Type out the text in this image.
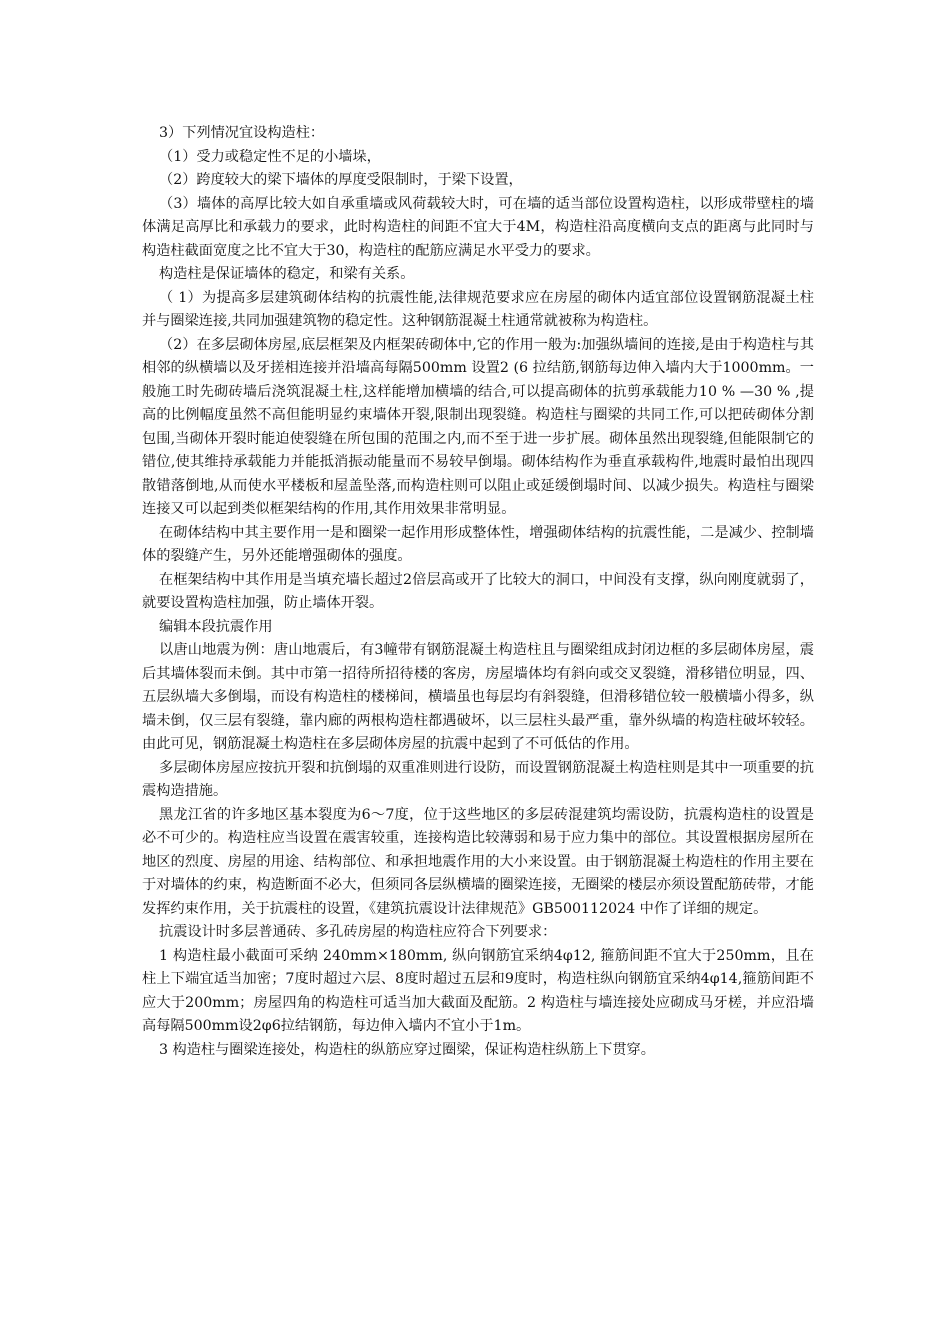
3）下列情况宜设构造柱：

（1）受力或稳定性不足的小墙垛，

（2）跨度较大的梁下墙体的厚度受限制时，于梁下设置，

（3）墙体的高厚比较大如自承重墙或风荷载较大时，可在墙的适当部位设置构造柱，以形成带壁柱的墙体满足高厚比和承载力的要求，此时构造柱的间距不宜大于4M，构造柱沿高度横向支点的距离与此同时与构造柱截面宽度之比不宜大于30，构造柱的配筋应满足水平受力的要求。

构造柱是保证墙体的稳定，和梁有关系。

（ 1）为提高多层建筑砌体结构的抗震性能,法律规范要求应在房屋的砌体内适宜部位设置钢筋混凝土柱并与圈梁连接,共同加强建筑物的稳定性。这种钢筋混凝土柱通常就被称为构造柱。

（2）在多层砌体房屋,底层框架及内框架砖砌体中,它的作用一般为:加强纵墙间的连接,是由于构造柱与其相邻的纵横墙以及牙搓相连接并沿墙高每隔500mm 设置2 (6 拉结筋,钢筋每边伸入墙内大于1000mm。一般施工时先砌砖墙后浇筑混凝土柱,这样能增加横墙的结合,可以提高砌体的抗剪承载能力10 % —30 % ,提高的比例幅度虽然不高但能明显约束墙体开裂,限制出现裂缝。构造柱与圈梁的共同工作,可以把砖砌体分割包围,当砌体开裂时能迫使裂缝在所包围的范围之内,而不至于进一步扩展。砌体虽然出现裂缝,但能限制它的错位,使其维持承载能力并能抵消振动能量而不易较早倒塌。砌体结构作为垂直承载构件,地震时最怕出现四散错落倒地,从而使水平楼板和屋盖坠落,而构造柱则可以阻止或延缓倒塌时间、以减少损失。构造柱与圈梁连接又可以起到类似框架结构的作用,其作用效果非常明显。

在砌体结构中其主要作用一是和圈梁一起作用形成整体性，增强砌体结构的抗震性能，二是减少、控制墙体的裂缝产生，另外还能增强砌体的强度。

在框架结构中其作用是当填充墙长超过2倍层高或开了比较大的洞口，中间没有支撑，纵向刚度就弱了，就要设置构造柱加强，防止墙体开裂。

编辑本段抗震作用

以唐山地震为例：唐山地震后，有3幢带有钢筋混凝土构造柱且与圈梁组成封闭边框的多层砌体房屋，震后其墙体裂而未倒。其中市第一招待所招待楼的客房，房屋墙体均有斜向或交叉裂缝，滑移错位明显，四、五层纵墙大多倒塌，而设有构造柱的楼梯间，横墙虽也每层均有斜裂缝，但滑移错位较一般横墙小得多，纵墙未倒，仅三层有裂缝，靠内廊的两根构造柱都遇破坏，以三层柱头最严重，靠外纵墙的构造柱破坏较轻。由此可见，钢筋混凝土构造柱在多层砌体房屋的抗震中起到了不可低估的作用。

多层砌体房屋应按抗开裂和抗倒塌的双重准则进行设防，而设置钢筋混凝土构造柱则是其中一项重要的抗震构造措施。

黑龙江省的许多地区基本裂度为6～7度，位于这些地区的多层砖混建筑均需设防，抗震构造柱的设置是必不可少的。构造柱应当设置在震害较重，连接构造比较薄弱和易于应力集中的部位。其设置根据房屋所在地区的烈度、房屋的用途、结构部位、和承担地震作用的大小来设置。由于钢筋混凝土构造柱的作用主要在于对墙体的约束，构造断面不必大，但须同各层纵横墙的圈梁连接，无圈梁的楼层亦须设置配筋砖带，才能发挥约束作用，关于抗震柱的设置，《建筑抗震设计法律规范》GB500112024 中作了详细的规定。

抗震设计时多层普通砖、多孔砖房屋的构造柱应符合下列要求：

1 构造柱最小截面可采纳 240mm×180mm, 纵向钢筋宜采纳4φ12, 箍筋间距不宜大于250mm，且在柱上下端宜适当加密；7度时超过六层、8度时超过五层和9度时，构造柱纵向钢筋宜采纳4φ14,箍筋间距不应大于200mm；房屋四角的构造柱可适当加大截面及配筋。2 构造柱与墙连接处应砌成马牙槎，并应沿墙高每隔500mm设2φ6拉结钢筋，每边伸入墙内不宜小于1m。

3 构造柱与圈梁连接处，构造柱的纵筋应穿过圈梁，保证构造柱纵筋上下贯穿。
